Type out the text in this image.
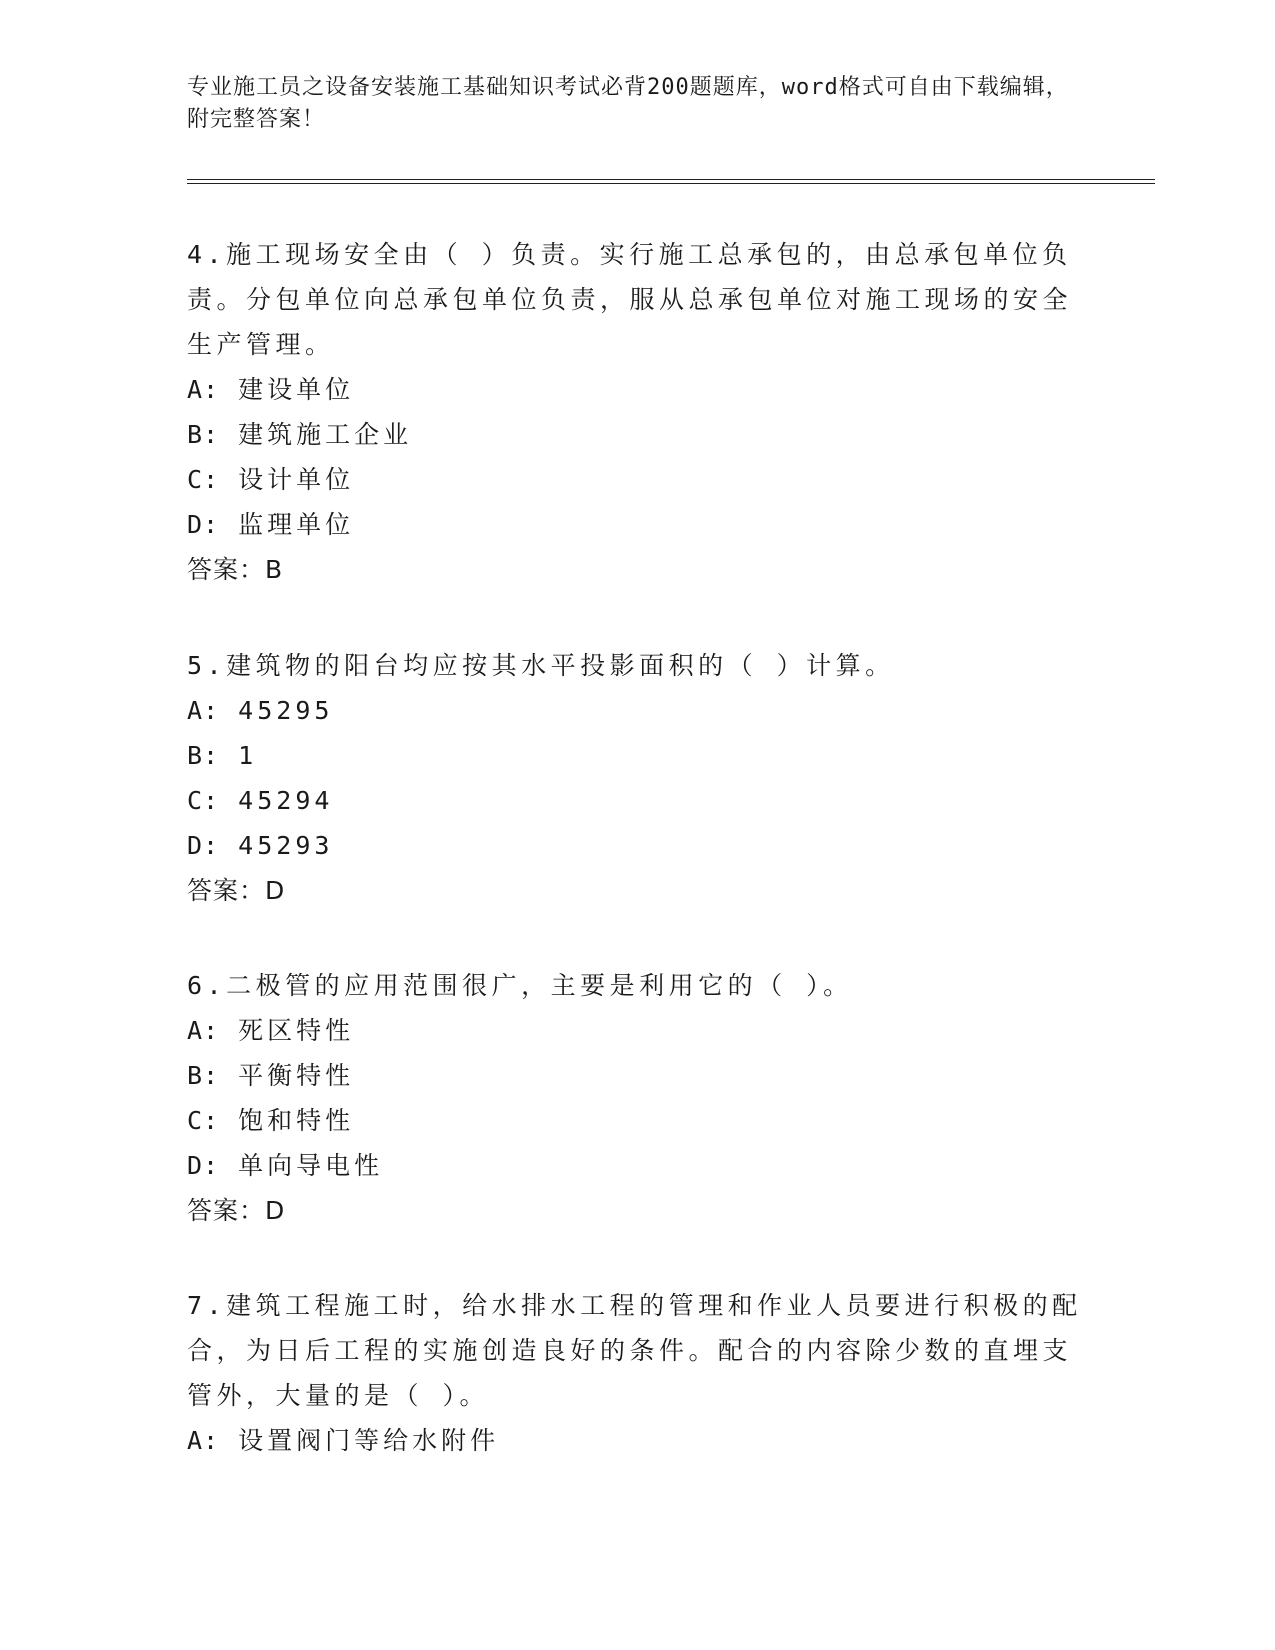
专业施工员之设备安装施工基础知识考试必背200题题库，word格式可自由下载编辑，附完整答案！

4.施工现场安全由（ ）负责。实行施工总承包的，由总承包单位负责。分包单位向总承包单位负责，服从总承包单位对施工现场的安全生产管理。

A: 建设单位
B: 建筑施工企业
C: 设计单位
D: 监理单位
答案：B

5.建筑物的阳台均应按其水平投影面积的（ ）计算。

A: 45295
B: 1
C: 45294
D: 45293
答案：D

6.二极管的应用范围很广，主要是利用它的（ ）。

A: 死区特性
B: 平衡特性
C: 饱和特性
D: 单向导电性
答案：D

7.建筑工程施工时，给水排水工程的管理和作业人员要进行积极的配合，为日后工程的实施创造良好的条件。配合的内容除少数的直埋支管外，大量的是（ ）。

A: 设置阀门等给水附件
